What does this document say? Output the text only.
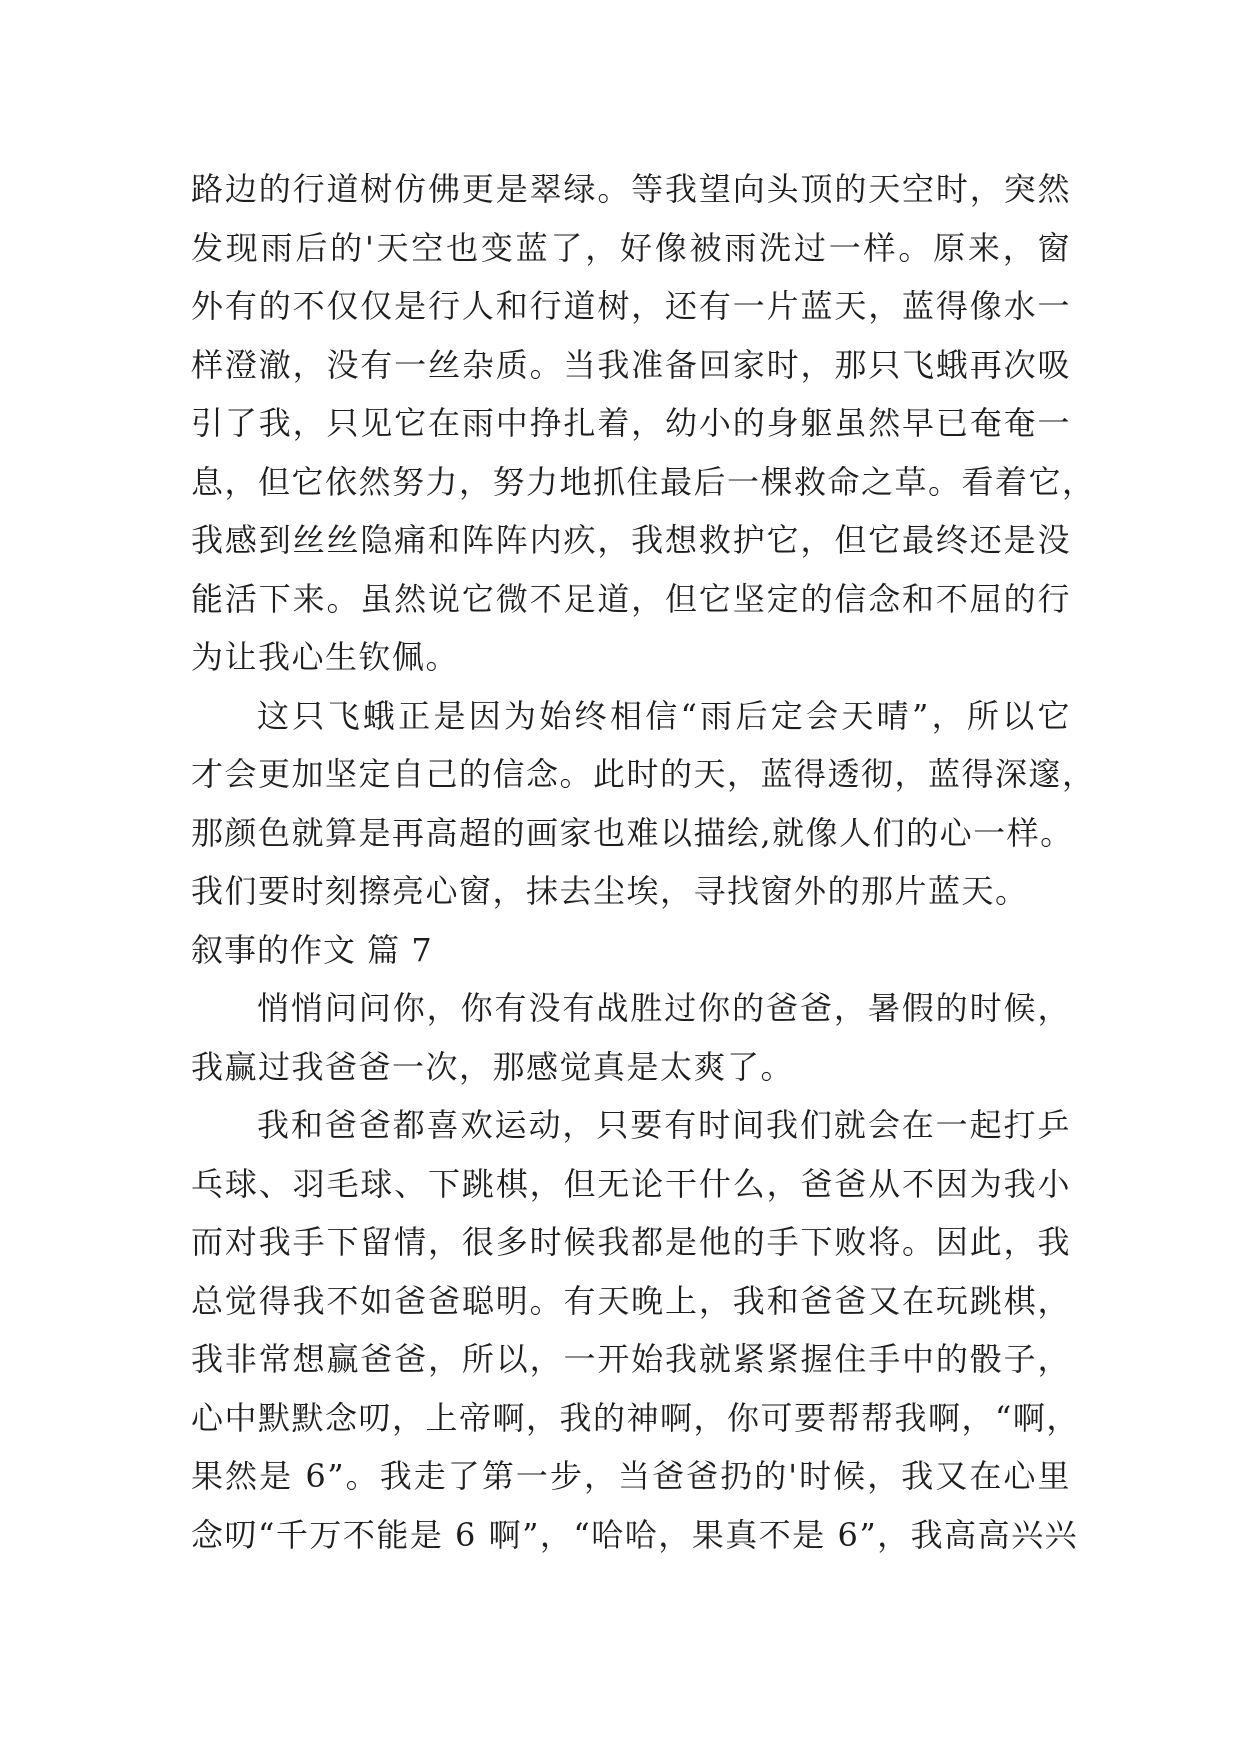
路边的行道树仿佛更是翠绿。等我望向头顶的天空时，突然
发现雨后的'天空也变蓝了，好像被雨洗过一样。原来，窗
外有的不仅仅是行人和行道树，还有一片蓝天，蓝得像水一
样澄澈，没有一丝杂质。当我准备回家时，那只飞蛾再次吸
引了我，只见它在雨中挣扎着，幼小的身躯虽然早已奄奄一
息，但它依然努力，努力地抓住最后一棵救命之草。看着它，
我感到丝丝隐痛和阵阵内疚，我想救护它，但它最终还是没
能活下来。虽然说它微不足道，但它坚定的信念和不屈的行
为让我心生钦佩。
这只飞蛾正是因为始终相信“雨后定会天晴”，所以它
才会更加坚定自己的信念。此时的天，蓝得透彻，蓝得深邃，
那颜色就算是再高超的画家也难以描绘,就像人们的心一样。
我们要时刻擦亮心窗，抹去尘埃，寻找窗外的那片蓝天。
叙事的作文 篇 7
悄悄问问你，你有没有战胜过你的爸爸，暑假的时候，
我赢过我爸爸一次，那感觉真是太爽了。
我和爸爸都喜欢运动，只要有时间我们就会在一起打乒
乓球、羽毛球、下跳棋，但无论干什么，爸爸从不因为我小
而对我手下留情，很多时候我都是他的手下败将。因此，我
总觉得我不如爸爸聪明。有天晚上，我和爸爸又在玩跳棋，
我非常想赢爸爸，所以，一开始我就紧紧握住手中的骰子，
心中默默念叨，上帝啊，我的神啊，你可要帮帮我啊，“啊，
果然是 6”。我走了第一步，当爸爸扔的'时候，我又在心里
念叨“千万不能是 6 啊”，“哈哈，果真不是 6”，我高高兴兴
